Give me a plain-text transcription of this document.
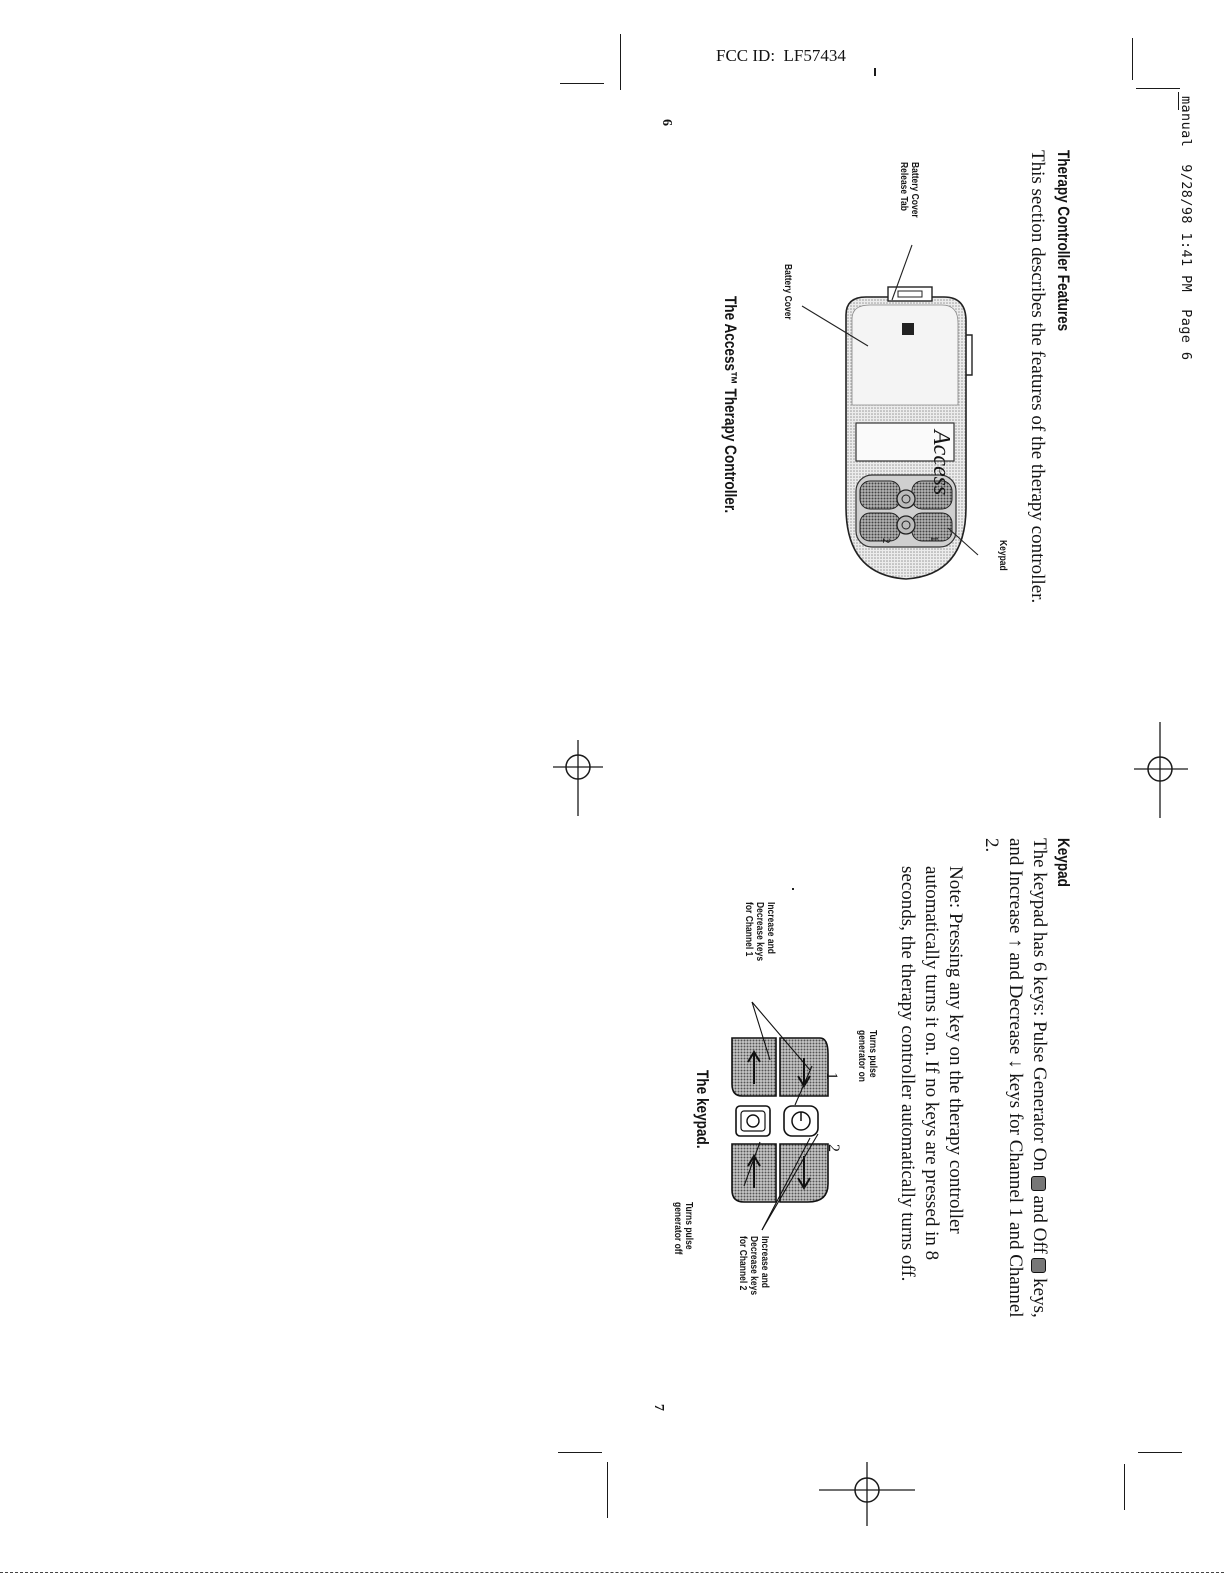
FCC ID:  LF57434
manual  9/28/98 1:41 PM  Page 6
6
7
Therapy Controller Features
This section describes the features of the therapy controller.
Access
1
2
Battery Cover
Release Tab
Battery Cover
Keypad
The Access™ Therapy Controller.
Keypad
The keypad has 6 keys: Pulse Generator On  and Off  keys,
and Increase ↑ and Decrease ↓ keys for Channel 1 and Channel
2.
Note: Pressing any key on the therapy controller
automatically turns it on. If no keys are pressed in 8
seconds, the therapy controller automatically turns off.
1
2
Turns pulse
generator on
Increase and
Decrease keys
for Channel 1
Increase and
Decrease keys
for Channel 2
Turns pulse
generator off
The keypad.
